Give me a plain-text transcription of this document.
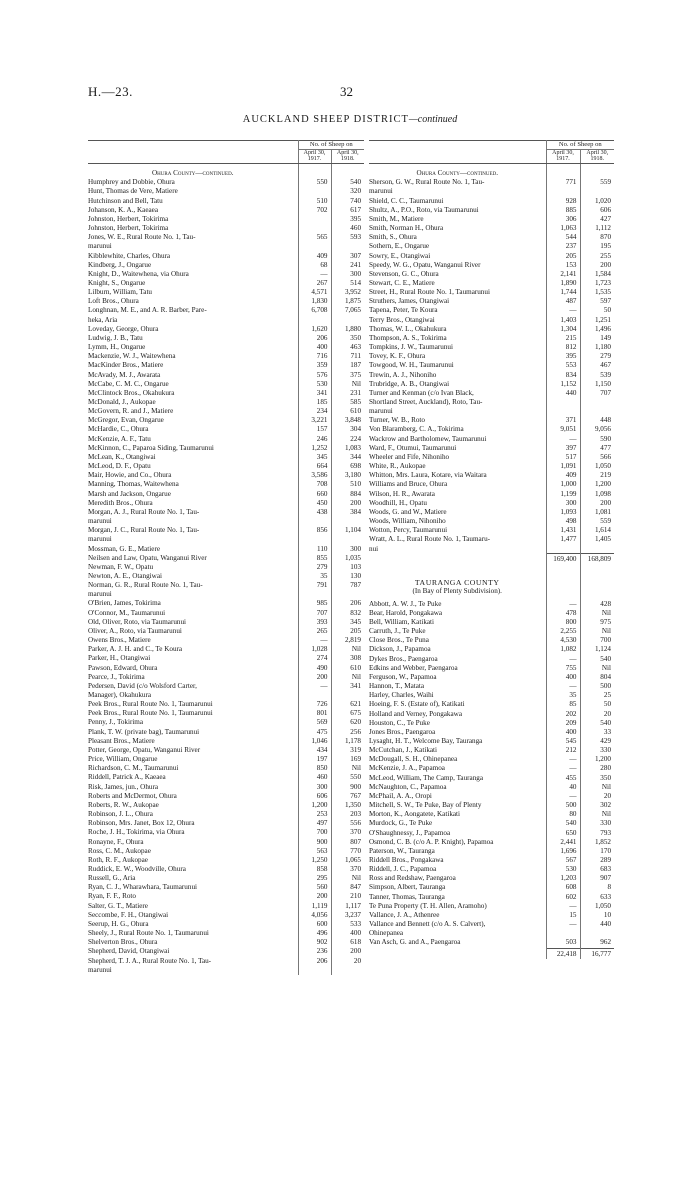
H.—23.	32
AUCKLAND SHEEP DISTRICT—continued
	No. of Sheep on	
	April 30, 1917.	April 30, 1918.

Ohura County—continued.		
Humphrey and Dobbie, Ohura	550	540
Hunt, Thomas de Vere, Matiere		320
Hutchinson and Bell, Tatu	510	740
Johanson, K. A., Kaeaea	702	617
Johnston, Herbert, Tokirima		395
Johnston, Herbert, Tokirima		460
Jones, W. E., Rural Route No. 1, Tau-	565	593
marunui		
Kibblewhite, Charles, Ohura	409	307
Kindberg, J., Ongarue	68	241
Knight, D., Waitewhena, via Ohura	—	300
Knight, S., Ongarue	267	514
Lilburn, William, Tatu	4,571	3,952
Loft Bros., Ohura	1,830	1,875
Longhnan, M. E., and A. R. Barber, Pare-	6,708	7,065
heka, Aria		
Loveday, George, Ohura	1,620	1,880
Ludwig, J. B., Tatu	206	350
Lymm, H., Ongarue	400	463
Mackenzie, W. J., Waitewhena	716	711
MacKinder Bros., Matiere	359	187
McAvady, M. J., Awarata	576	375
McCabe, C. M. C., Ongarue	530	Nil
McClintock Bros., Okahukura	341	231
McDonald, J., Aukopae	185	585
McGovern, R. and J., Matiere	234	610
McGregor, Evan, Ongarue	3,221	3,848
McHardie, C., Ohura	157	304
McKenzie, A. F., Tatu	246	224
McKinnon, C., Paparoa Siding, Taumarunui	1,252	1,083
McLean, K., Otangiwai	345	344
McLeod, D. F., Opatu	664	698
Mair, Howie, and Co., Ohura	3,586	3,180
Manning, Thomas, Waitewhena	708	510
Marsh and Jackson, Ongarue	660	884
Meredith Bros., Ohura	450	200
Morgan, A. J., Rural Route No. 1, Tau-	438	384
marunui		
Morgan, J. C., Rural Route No. 1, Tau-	856	1,104
marunui		
Mossman, G. E., Matiere	110	300
Neilsen and Law, Opatu, Wanganui River	855	1,035
Newman, F. W., Opatu	279	103
Newton, A. E., Otangiwai	35	130
Norman, G. R., Rural Route No. 1, Tau-	791	787
marunui		
O'Brien, James, Tokirima	985	206
O'Connor, M., Taumarunui	707	832
Old, Oliver, Roto, via Taumarunui	393	345
Oliver, A., Roto, via Taumarunui	265	205
Owens Bros., Matiere	—	2,819
Parker, A. J. H. and C., Te Koura	1,028	Nil
Parker, H., Otangiwai	274	308
Pawson, Edward, Ohura	490	610
Pearce, J., Tokirima	200	Nil
Pedersen, David (c/o Wolsford Carter,	—	341
Manager), Okahukura		
Peek Bros., Rural Route No. 1, Taumarunui	726	621
Peek Bros., Rural Route No. 1, Taumarunui	801	675
Penny, J., Tokirima	569	620
Plank, T. W. (private bag), Taumarunui	475	256
Pleasant Bros., Matiere	1,046	1,178
Potter, George, Opatu, Wanganui River	434	319
Price, William, Ongarue	197	169
Richardson, C. M., Taumarunui	850	Nil
Riddell, Patrick A., Kaeaea	460	550
Risk, James, jun., Ohura	300	900
Roberts and McDermot, Ohura	606	767
Roberts, R. W., Aukopae	1,200	1,350
Robinson, J. L., Ohura	253	203
Robinson, Mrs. Janet, Box 12, Ohura	497	556
Roche, J. H., Tokirima, via Ohura	700	370
Ronayne, F., Ohura	900	807
Ross, C. M., Aukopae	563	770
Roth, R. F., Aukopae	1,250	1,065
Ruddick, E. W., Woodville, Ohura	858	370
Russell, G., Aria	295	Nil
Ryan, C. J., Wharawhara, Taumarunui	560	847
Ryan, F. F., Roto	200	210
Salter, G. T., Matiere	1,119	1,117
Seccombe, F. H., Otangiwai	4,056	3,237
Seerup, H. G., Ohura	600	533
Sheely, J., Rural Route No. 1, Taumarunui	496	400
Shelverton Bros., Ohura	902	618
Shepherd, David, Otangiwai	236	200
Shepherd, T. J. A., Rural Route No. 1, Tau-	206	20
marunui		
	No. of Sheep on	
	April 30, 1917.	April 30, 1918.

Ohura County—continued.		
Sherson, G. W., Rural Route No. 1, Tau-	771	559
marunui		
Shield, C. C., Taumarunui	928	1,020
Shultz, A., P.O., Roto, via Taumarunui	885	606
Smith, M., Matiere	306	427
Smith, Norman H., Ohura	1,063	1,112
Smith, S., Ohura	544	870
Sothern, E., Ongarue	237	195
Sowry, E., Otangiwai	205	255
Speedy, W. G., Opatu, Wanganui River	153	200
Stevenson, G. C., Ohura	2,141	1,584
Stewart, C. E., Matiere	1,890	1,723
Street, H., Rural Route No. 1, Taumarunui	1,744	1,535
Struthers, James, Otangiwai	487	597
Tapena, Peter, Te Koura	—	50
Terry Bros., Otangiwai	1,403	1,251
Thomas, W. L., Okahukura	1,304	1,496
Thompson, A. S., Tokirima	215	149
Tompkins, J. W., Taumarunui	812	1,180
Tovey, K. F., Ohura	395	279
Towgood, W. H., Taumarunui	553	467
Trewin, A. J., Nihoniho	834	539
Trubridge, A. B., Otangiwai	1,152	1,150
Turner and Kenman (c/o Ivan Black,	440	707
Shortland Street, Auckland), Roto, Tau-		
marunui		
Turner, W. B., Roto	371	448
Von Blaramberg, C. A., Tokirima	9,051	9,056
Wackrow and Bartholomew, Taumarunui	—	590
Ward, F., Otumui, Taumarunui	397	477
Wheeler and Fife, Nihoniho	517	566
White, R., Aukopae	1,091	1,050
Whitton, Mrs. Laura, Kotare, via Waitara	409	219
Williams and Bruce, Ohura	1,000	1,200
Wilson, H. R., Awarata	1,199	1,098
Woodhill, H., Opatu	300	200
Woods, G. and W., Matiere	1,093	1,081
Woods, William, Nihoniho	498	559
Wotton, Percy, Taumarunui	1,431	1,614
Wratt, A. L., Rural Route No. 1, Taumaru-	1,477	1,405
nui		
	169,400	168,809

TAURANGA COUNTY		
(In Bay of Plenty Subdivision).		

Abbott, A. W. J., Te Puke	—	428
Bear, Harold, Pongakawa	478	Nil
Bell, William, Katikati	800	975
Carruth, J., Te Puke	2,255	Nil
Close Bros., Te Puna	4,530	700
Dickson, J., Papamoa	1,082	1,124
Dykes Bros., Paengaroa	—	540
Edkins and Webber, Paengaroa	755	Nil
Ferguson, W., Papamoa	400	804
Hannon, T., Matata	—	500
Harley, Charles, Waihi	35	25
Hoeing, F. S. (Estate of), Katikati	85	50
Holland and Verney, Pongakawa	202	20
Houston, C., Te Puke	209	540
Jones Bros., Paengaroa	400	33
Lysaght, H. T., Welcome Bay, Tauranga	545	429
McCutchan, J., Katikati	212	330
McDougall, S. H., Ohinepanea	—	1,200
McKenzie, J. A., Papamoa	—	280
McLeod, William, The Camp, Tauranga	455	350
McNaughton, C., Papamoa	40	Nil
McPhail, A. A., Oropi	—	20
Mitchell, S. W., Te Puke, Bay of Plenty	500	302
Morton, K., Aongatete, Katikati	80	Nil
Murdock, G., Te Puke	540	330
O'Shaughnessy, J., Papamoa	650	793
Osmond, C. B. (c/o A. P. Knight), Papamoa	2,441	1,852
Paterson, W., Tauranga	1,696	170
Riddell Bros., Pongakawa	567	289
Riddell, J. C., Papamoa	530	683
Ross and Redshaw, Paengaroa	1,203	907
Simpson, Albert, Tauranga	608	8
Tanner, Thomas, Tauranga	602	633
Te Puna Property (T. H. Allen, Aramoho)	—	1,050
Vallance, J. A., Athenree	15	10
Vallance and Bennett (c/o A. S. Calvert),	—	440
Ohinepanea		
Van Asch, G. and A., Paengaroa	503	962
	22,418	16,777
